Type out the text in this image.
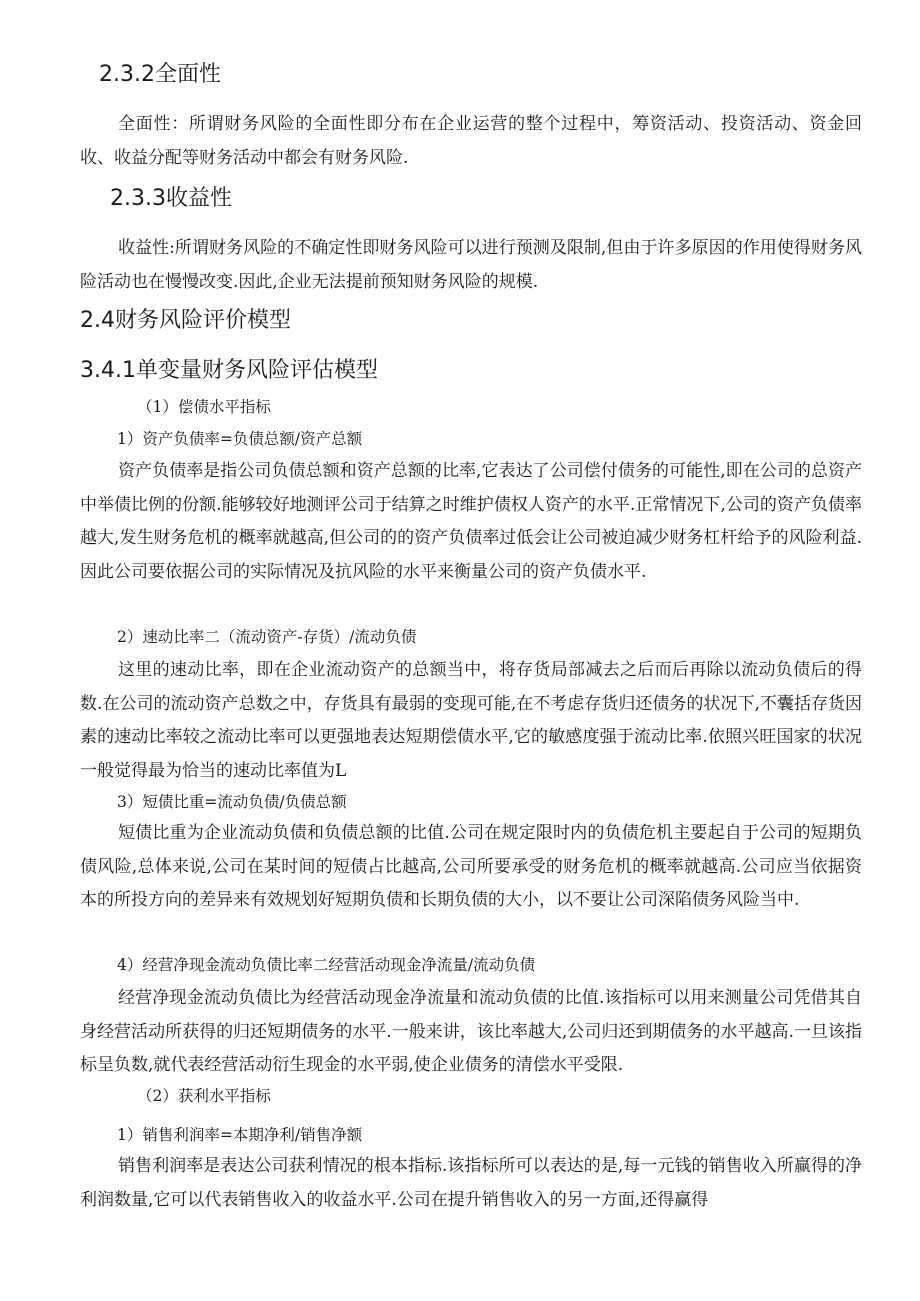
2.3.2全面性
全面性：所谓财务风险的全面性即分布在企业运营的整个过程中，筹资活动、投资活动、资金回收、收益分配等财务活动中都会有财务风险.
2.3.3收益性
收益性:所谓财务风险的不确定性即财务风险可以进行预测及限制,但由于许多原因的作用使得财务风险活动也在慢慢改变.因此,企业无法提前预知财务风险的规模.
2.4财务风险评价模型
3.4.1单变量财务风险评估模型
（1）偿债水平指标
1）资产负债率=负债总额/资产总额
资产负债率是指公司负债总额和资产总额的比率,它表达了公司偿付债务的可能性,即在公司的总资产中举债比例的份额.能够较好地测评公司于结算之时维护债权人资产的水平.正常情况下,公司的资产负债率越大,发生财务危机的概率就越高,但公司的的资产负债率过低会让公司被迫减少财务杠杆给予的风险利益.因此公司要依据公司的实际情况及抗风险的水平来衡量公司的资产负债水平.
2）速动比率二（流动资产-存货）/流动负债
这里的速动比率，即在企业流动资产的总额当中，将存货局部减去之后而后再除以流动负债后的得数.在公司的流动资产总数之中，存货具有最弱的变现可能,在不考虑存货归还债务的状况下,不囊括存货因素的速动比率较之流动比率可以更强地表达短期偿债水平,它的敏感度强于流动比率.依照兴旺国家的状况一般觉得最为恰当的速动比率值为L
3）短债比重=流动负债/负债总额
短债比重为企业流动负债和负债总额的比值.公司在规定限时内的负债危机主要起自于公司的短期负债风险,总体来说,公司在某时间的短债占比越高,公司所要承受的财务危机的概率就越高.公司应当依据资本的所投方向的差异来有效规划好短期负债和长期负债的大小，以不要让公司深陷债务风险当中.
4）经营净现金流动负债比率二经营活动现金净流量/流动负债
经营净现金流动负债比为经营活动现金净流量和流动负债的比值.该指标可以用来测量公司凭借其自身经营活动所获得的归还短期债务的水平.一般来讲，该比率越大,公司归还到期债务的水平越高.一旦该指标呈负数,就代表经营活动衍生现金的水平弱,使企业债务的清偿水平受限.
（2）获利水平指标
1）销售利润率=本期净利/销售净额
销售利润率是表达公司获利情况的根本指标.该指标所可以表达的是,每一元钱的销售收入所赢得的净利润数量,它可以代表销售收入的收益水平.公司在提升销售收入的另一方面,还得赢得
